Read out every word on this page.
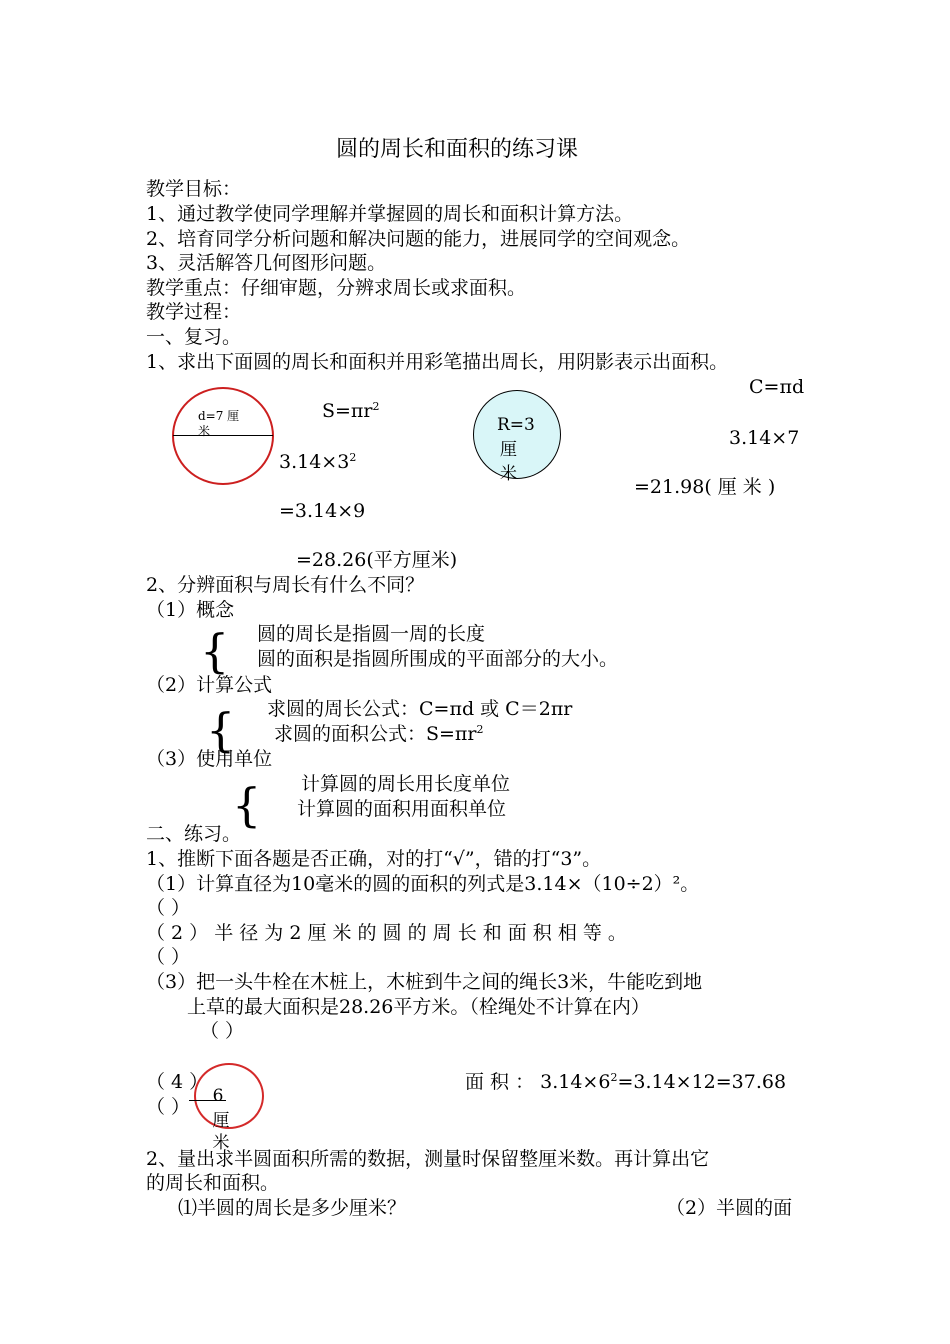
圆的周长和面积的练习课
教学目标：
1、通过教学使同学理解并掌握圆的周长和面积计算方法。
2、培育同学分析问题和解决问题的能力，进展同学的空间观念。
3、灵活解答几何图形问题。
教学重点：仔细审题，分辨求周长或求面积。
教学过程：
一、复习。
1、求出下面圆的周长和面积并用彩笔描出周长，用阴影表示出面积。
d=7 厘
米
$S=\pi r^2$
$3.14\times 3^2$
=3.14×9
=28.26(平方厘米)
R=3
厘
米
C=πd
3.14×7
=21.98( 厘 米 )
2、分辨面积与周长有什么不同？
（1）概念
{ 圆的周长是指圆一周的长度
圆的面积是指圆所围成的平面部分的大小。
（2）计算公式
{ 求圆的周长公式：C=πd 或 C＝2πr
求圆的面积公式：$S=\pi r^2$
（3）使用单位
{ 计算圆的周长用长度单位
计算圆的面积用面积单位
二、练习。
1、推断下面各题是否正确，对的打“√”，错的打“3”。
（1）计算直径为10毫米的圆的面积的列式是3.14×（10÷2）²。
（ ）
（ 2 ） 半 径 为 2 厘 米 的 圆 的 周 长 和 面 积 相 等 。
（ ）
（3）把一头牛栓在木桩上，木桩到牛之间的绳长3米，牛能吃到地
上草的最大面积是28.26平方米。（栓绳处不计算在内）
（ ）
（ 4 ）
（ ）	6
厘
米
面 积 ： $3.14\times 6^2=3.14\times 12=37.68$
2、量出求半圆面积所需的数据，测量时保留整厘米数。再计算出它
的周长和面积。
⑴半圆的周长是多少厘米？	（2）半圆的面
